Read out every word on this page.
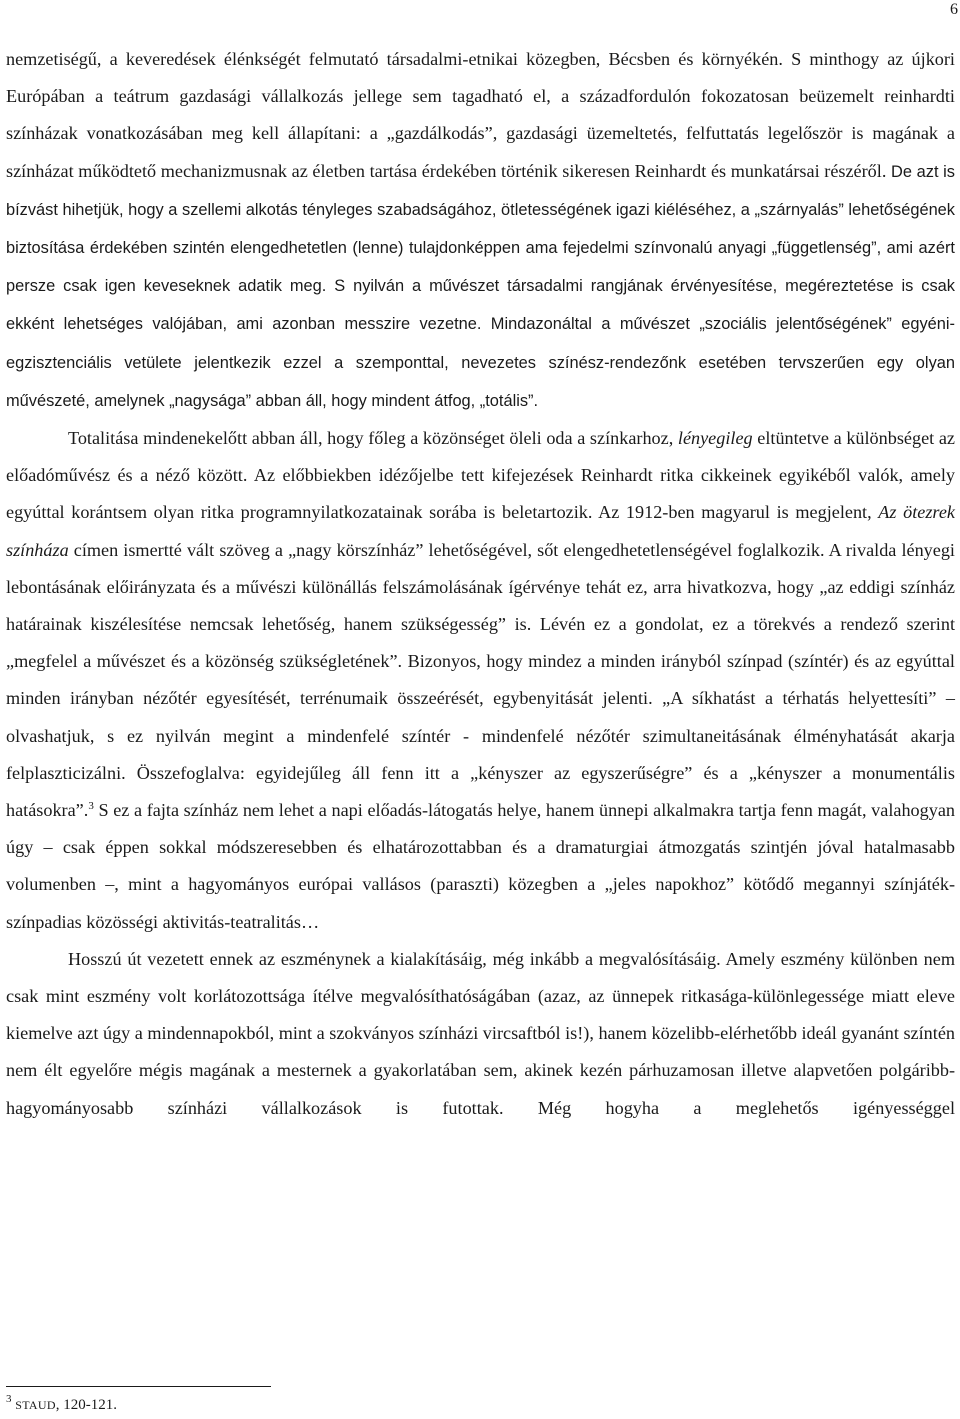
6

nemzetiségű, a keveredések élénkségét felmutató társadalmi-etnikai közegben, Bécsben és környékén. S minthogy az újkori Európában a teátrum gazdasági vállalkozás jellege sem tagadható el, a századfordulón fokozatosan beüzemelt reinhardti színházak vonatkozásában meg kell állapítani: a „gazdálkodás”, gazdasági üzemeltetés, felfuttatás legelőször is magának a színházat működtető mechanizmusnak az életben tartása érdekében történik sikeresen Reinhardt és munkatársai részéről. De azt is bízvást hihetjük, hogy a szellemi alkotás tényleges szabadságához, ötletességének igazi kiéléséhez, a „szárnyalás” lehetőségének biztosítása érdekében szintén elengedhetetlen (lenne) tulajdonképpen ama fejedelmi színvonalú anyagi „függetlenség”, ami azért persze csak igen keveseknek adatik meg. S nyilván a művészet társadalmi rangjának érvényesítése, megéreztetése is csak ekként lehetséges valójában, ami azonban messzire vezetne. Mindazonáltal a művészet „szociális jelentőségének” egyéni-egzisztenciális vetülete jelentkezik ezzel a szemponttal, nevezetes színész-rendezőnk esetében tervszerűen egy olyan művészeté, amelynek „nagysága” abban áll, hogy mindent átfog, „totális”.

Totalitása mindenekelőtt abban áll, hogy főleg a közönséget öleli oda a színkarhoz, lényegileg eltüntetve a különbséget az előadóművész és a néző között. Az előbbiekben idézőjelbe tett kifejezések Reinhardt ritka cikkeinek egyikéből valók, amely egyúttal korántsem olyan ritka programnyilatkozatainak sorába is beletartozik. Az 1912-ben magyarul is megjelent, Az ötezrek színháza címen ismertté vált szöveg a „nagy körszínház” lehetőségével, sőt elengedhetetlenségével foglalkozik. A rivalda lényegi lebontásának előirányzata és a művészi különállás felszámolásának ígérvénye tehát ez, arra hivatkozva, hogy „az eddigi színház határainak kiszélesítése nemcsak lehetőség, hanem szükségesség” is. Lévén ez a gondolat, ez a törekvés a rendező szerint „megfelel a művészet és a közönség szükségletének”. Bizonyos, hogy mindez a minden irányból színpad (színtér) és az egyúttal minden irányban nézőtér egyesítését, terrénumaik összeérését, egybenyitását jelenti. „A síkhatást a térhatás helyettesíti” – olvashatjuk, s ez nyilván megint a mindenfelé színtér - mindenfelé nézőtér szimultaneitásának élményhatását akarja felplaszticizálni. Összefoglalva: egyidejűleg áll fenn itt a „kényszer az egyszerűségre” és a „kényszer a monumentális hatásokra”.$^3$ S ez a fajta színház nem lehet a napi előadás-látogatás helye, hanem ünnepi alkalmakra tartja fenn magát, valahogyan úgy – csak éppen sokkal módszeresebben és elhatározottabban és a dramaturgiai átmozgatás szintjén jóval hatalmasabb volumenben –, mint a hagyományos európai vallásos (paraszti) közegben a „jeles napokhoz” kötődő megannyi színjáték-színpadias közösségi aktivitás-teatralitás…

Hosszú út vezetett ennek az eszménynek a kialakításáig, még inkább a megvalósításáig. Amely eszmény különben nem csak mint eszmény volt korlátozottsága ítélve megvalósíthatóságában (azaz, az ünnepek ritkasága-különlegessége miatt eleve kiemelve azt úgy a mindennapokból, mint a szokványos színházi vircsaftból is!), hanem közelibb-elérhetőbb ideál gyanánt színtén nem élt egyelőre mégis magának a mesternek a gyakorlatában sem, akinek kezén párhuzamosan illetve alapvetően polgáribb-hagyományosabb színházi vállalkozások is futottak. Még hogyha a meglehetős igényességgel

$^3$ STAUD, 120-121.
